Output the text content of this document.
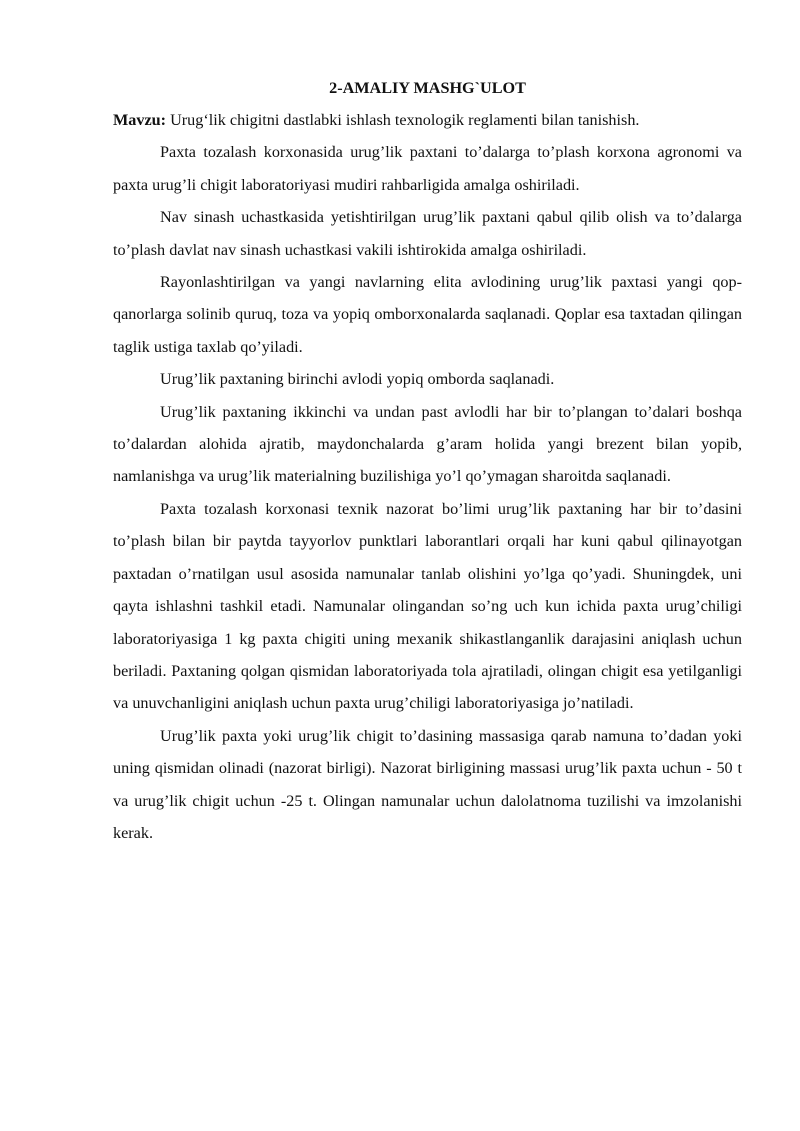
2-AMALIY MASHG`ULOT
Mavzu: Urug‘lik chigitni dastlabki ishlash texnologik reglamenti bilan tanishish.

Paxta tozalash korxonasida urug’lik paxtani to’dalarga to’plash korxona agronomi va paxta urug’li chigit laboratoriyasi mudiri rahbarligida amalga oshiriladi.

Nav sinash uchastkasida yetishtirilgan urug’lik paxtani qabul qilib olish va to’dalarga to’plash davlat nav sinash uchastkasi vakili ishtirokida amalga oshiriladi.

Rayonlashtirilgan va yangi navlarning elita avlodining urug’lik paxtasi yangi qop-qanorlarga solinib quruq, toza va yopiq omborxonalarda saqlanadi. Qoplar esa taxtadan qilingan taglik ustiga taxlab qo’yiladi.

Urug’lik paxtaning birinchi avlodi yopiq omborda saqlanadi.

Urug’lik paxtaning ikkinchi va undan past avlodli har bir to’plangan to’dalari boshqa to’dalardan alohida ajratib, maydonchalarda g’aram holida yangi brezent bilan yopib, namlanishga va urug’lik materialning buzilishiga yo’l qo’ymagan sharoitda saqlanadi.

Paxta tozalash korxonasi texnik nazorat bo’limi urug’lik paxtaning har bir to’dasini to’plash bilan bir paytda tayyorlov punktlari laborantlari orqali har kuni qabul qilinayotgan paxtadan o’rnatilgan usul asosida namunalar tanlab olishini yo’lga qo’yadi. Shuningdek, uni qayta ishlashni tashkil etadi. Namunalar olingandan so’ng uch kun ichida paxta urug’chiligi laboratoriyasiga 1 kg paxta chigiti uning mexanik shikastlanganlik darajasini aniqlash uchun beriladi. Paxtaning qolgan qismidan laboratoriyada tola ajratiladi, olingan chigit esa yetilganligi va unuvchanligini aniqlash uchun paxta urug’chiligi laboratoriyasiga jo’natiladi.

Urug’lik paxta yoki urug’lik chigit to’dasining massasiga qarab namuna to’dadan yoki uning qismidan olinadi (nazorat birligi). Nazorat birligining massasi urug’lik paxta uchun - 50 t va urug’lik chigit uchun -25 t. Olingan namunalar uchun dalolatnoma tuzilishi va imzolanishi kerak.
